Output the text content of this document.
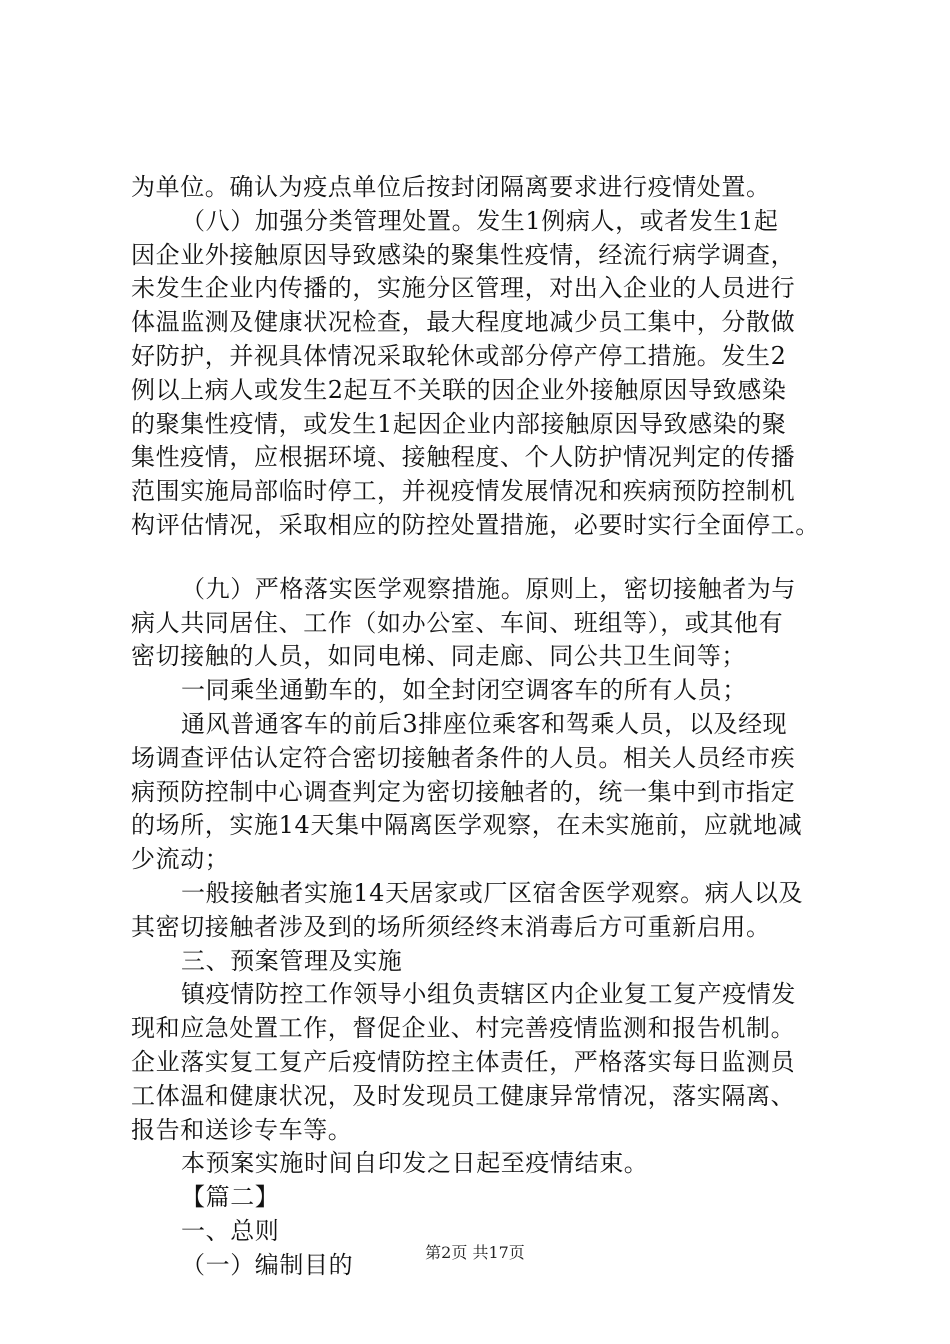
为单位。确认为疫点单位后按封闭隔离要求进行疫情处置。
（八）加强分类管理处置。发生1例病人，或者发生1起
因企业外接触原因导致感染的聚集性疫情，经流行病学调查，
未发生企业内传播的，实施分区管理，对出入企业的人员进行
体温监测及健康状况检查，最大程度地减少员工集中，分散做
好防护，并视具体情况采取轮休或部分停产停工措施。发生2
例以上病人或发生2起互不关联的因企业外接触原因导致感染
的聚集性疫情，或发生1起因企业内部接触原因导致感染的聚
集性疫情，应根据环境、接触程度、个人防护情况判定的传播
范围实施局部临时停工，并视疫情发展情况和疾病预防控制机
构评估情况，采取相应的防控处置措施，必要时实行全面停工。
（九）严格落实医学观察措施。原则上，密切接触者为与
病人共同居住、工作（如办公室、车间、班组等），或其他有
密切接触的人员，如同电梯、同走廊、同公共卫生间等；
一同乘坐通勤车的，如全封闭空调客车的所有人员；
通风普通客车的前后3排座位乘客和驾乘人员，以及经现
场调查评估认定符合密切接触者条件的人员。相关人员经市疾
病预防控制中心调查判定为密切接触者的，统一集中到市指定
的场所，实施14天集中隔离医学观察，在未实施前，应就地减
少流动；
一般接触者实施14天居家或厂区宿舍医学观察。病人以及
其密切接触者涉及到的场所须经终末消毒后方可重新启用。
三、预案管理及实施
镇疫情防控工作领导小组负责辖区内企业复工复产疫情发
现和应急处置工作，督促企业、村完善疫情监测和报告机制。
企业落实复工复产后疫情防控主体责任，严格落实每日监测员
工体温和健康状况，及时发现员工健康异常情况，落实隔离、
报告和送诊专车等。
本预案实施时间自印发之日起至疫情结束。
【篇二】
一、总则
（一）编制目的	第2页 共17页
